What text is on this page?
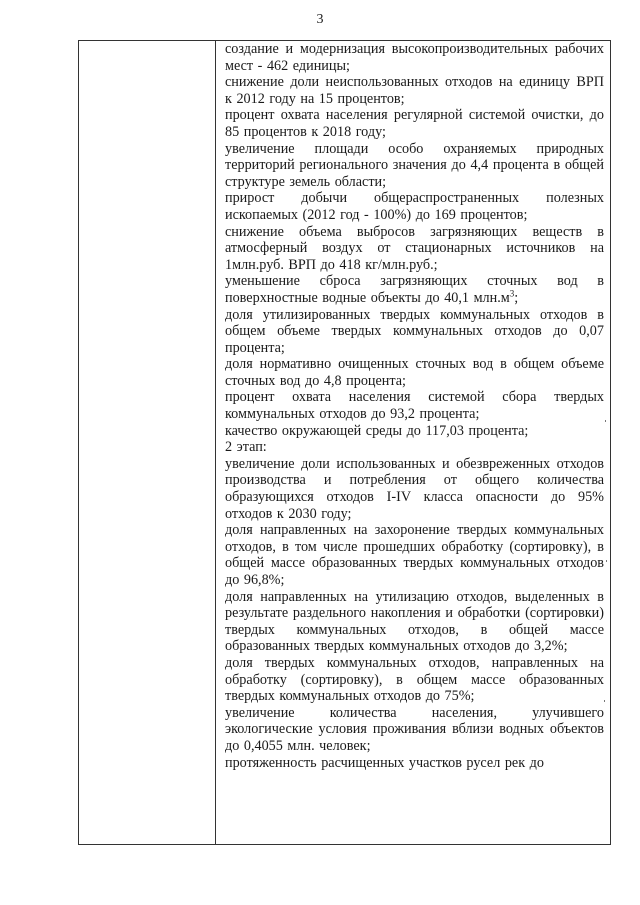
3

создание и модернизация высокопроизводительных рабочих мест - 462 единицы;

снижение доли неиспользованных отходов на единицу ВРП к 2012 году на 15 процентов;

процент охвата населения регулярной системой очистки, до 85 процентов к 2018 году;

увеличение площади особо охраняемых природных территорий регионального значения до 4,4 процента в общей структуре земель области;

прирост добычи общераспространенных полезных ископаемых (2012 год - 100%) до 169 процентов;

снижение объема выбросов загрязняющих веществ в атмосферный воздух от стационарных источников на 1млн.руб. ВРП до 418 кг/млн.руб.;

уменьшение сброса загрязняющих сточных вод в поверхностные водные объекты до 40,1 $млн.м^3$;

доля утилизированных твердых коммунальных отходов в общем объеме твердых коммунальных отходов до 0,07 процента;

доля нормативно очищенных сточных вод в общем объеме сточных вод до 4,8 процента;

процент охвата населения системой сбора твердых коммунальных отходов до 93,2 процента;

качество окружающей среды до 117,03 процента;

2 этап:

увеличение доли использованных и обезвреженных отходов производства и потребления от общего количества образующихся отходов I-IV класса опасности до 95% отходов к 2030 году;

доля направленных на захоронение твердых коммунальных отходов, в том числе прошедших обработку (сортировку), в общей массе образованных твердых коммунальных отходов до 96,8%;

доля направленных на утилизацию отходов, выделенных в результате раздельного накопления и обработки (сортировки) твердых коммунальных отходов, в общей массе образованных твердых коммунальных отходов до 3,2%;

доля твердых коммунальных отходов, направленных на обработку (сортировку), в общем массе образованных твердых коммунальных отходов до 75%;

увеличение количества населения, улучившего экологические условия проживания вблизи водных объектов до 0,4055 млн. человек;

протяженность расчищенных участков русел рек до
